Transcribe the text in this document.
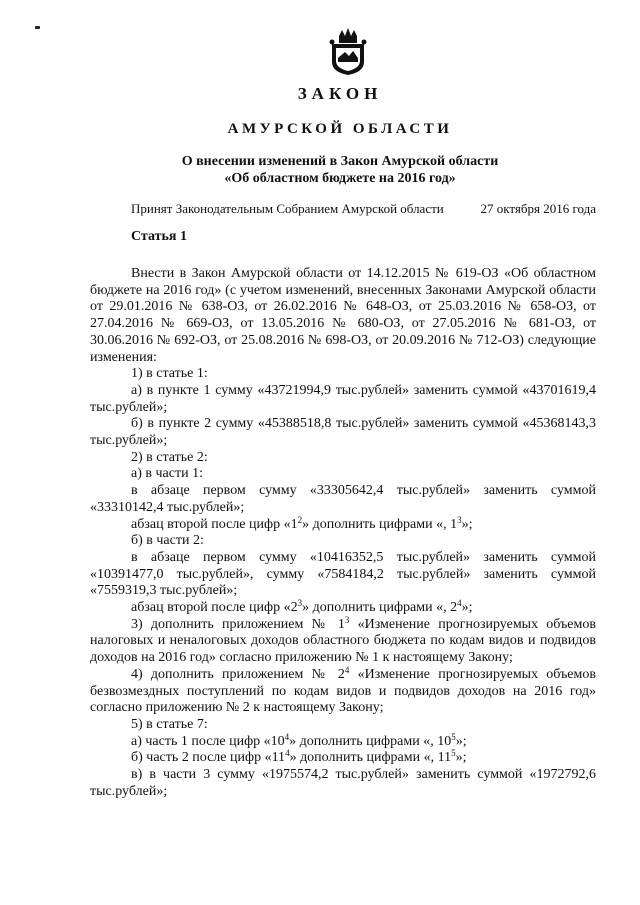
ЗАКОН
АМУРСКОЙ ОБЛАСТИ
О внесении изменений в Закон Амурской области
«Об областном бюджете на 2016 год»
Принят Законодательным Собранием Амурской области	27 октября 2016 года
Статья 1

Внести в Закон Амурской области от 14.12.2015 № 619-ОЗ «Об областном бюджете на 2016 год» (с учетом изменений, внесенных Законами Амурской области от 29.01.2016 № 638-ОЗ, от 26.02.2016 № 648-ОЗ, от 25.03.2016 № 658-ОЗ, от 27.04.2016 № 669-ОЗ, от 13.05.2016 № 680-ОЗ, от 27.05.2016 № 681-ОЗ, от 30.06.2016 № 692-ОЗ, от 25.08.2016 № 698-ОЗ, от 20.09.2016 № 712-ОЗ) следующие изменения:

1) в статье 1:

а) в пункте 1 сумму «43721994,9 тыс.рублей» заменить суммой «43701619,4 тыс.рублей»;

б) в пункте 2 сумму «45388518,8 тыс.рублей» заменить суммой «45368143,3 тыс.рублей»;

2) в статье 2:

а) в части 1:

в абзаце первом сумму «33305642,4 тыс.рублей» заменить суммой «33310142,4 тыс.рублей»;

абзац второй после цифр «$1^2$» дополнить цифрами «, $1^3$»;

б) в части 2:

в абзаце первом сумму «10416352,5 тыс.рублей» заменить суммой «10391477,0 тыс.рублей», сумму «7584184,2 тыс.рублей» заменить суммой «7559319,3 тыс.рублей»;

абзац второй после цифр «$2^3$» дополнить цифрами «, $2^4$»;

3) дополнить приложением № $1^3$ «Изменение прогнозируемых объемов налоговых и неналоговых доходов областного бюджета по кодам видов и подвидов доходов на 2016 год» согласно приложению № 1 к настоящему Закону;

4) дополнить приложением № $2^4$ «Изменение прогнозируемых объемов безвозмездных поступлений по кодам видов и подвидов доходов на 2016 год» согласно приложению № 2 к настоящему Закону;

5) в статье 7:

а) часть 1 после цифр «$10^4$» дополнить цифрами «, $10^5$»;

б) часть 2 после цифр «$11^4$» дополнить цифрами «, $11^5$»;

в) в части 3 сумму «1975574,2 тыс.рублей» заменить суммой «1972792,6 тыс.рублей»;
